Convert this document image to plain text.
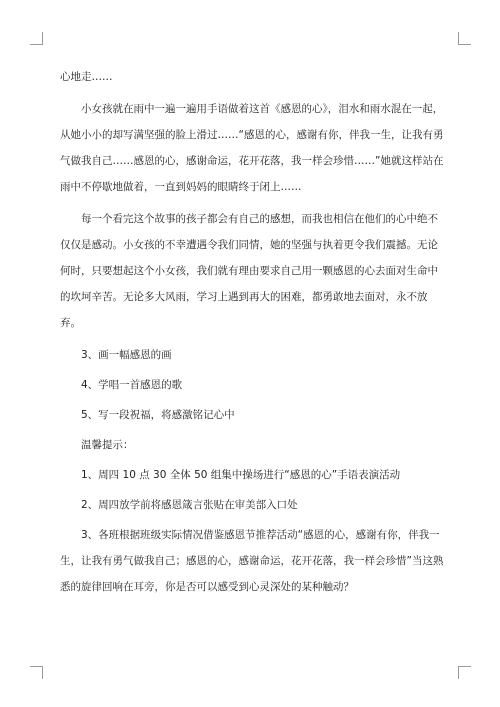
心地走……

小女孩就在雨中一遍一遍用手语做着这首《感恩的心》，泪水和雨水混在一起，从她小小的却写满坚强的脸上滑过……“感恩的心，感谢有你，伴我一生，让我有勇气做我自己……感恩的心，感谢命运，花开花落，我一样会珍惜……”她就这样站在雨中不停歇地做着，一直到妈妈的眼睛终于闭上……

每一个看完这个故事的孩子都会有自己的感想，而我也相信在他们的心中绝不仅仅是感动。小女孩的不幸遭遇令我们同情，她的坚强与执着更令我们震撼。无论何时，只要想起这个小女孩，我们就有理由要求自己用一颗感恩的心去面对生命中的坎坷辛苦。无论多大风雨，学习上遇到再大的困难，都勇敢地去面对，永不放弃。

3、画一幅感恩的画

4、学唱一首感恩的歌

5、写一段祝福，将感激铭记心中

温馨提示：

1、周四 10 点 30 全体 50 组集中操场进行“感恩的心”手语表演活动

2、周四放学前将感恩箴言张贴在审美部入口处

3、各班根据班级实际情况借鉴感恩节推荐活动“感恩的心，感谢有你，伴我一生，让我有勇气做我自己；感恩的心，感谢命运，花开花落，我一样会珍惜”当这熟悉的旋律回响在耳旁，你是否可以感受到心灵深处的某种触动？
